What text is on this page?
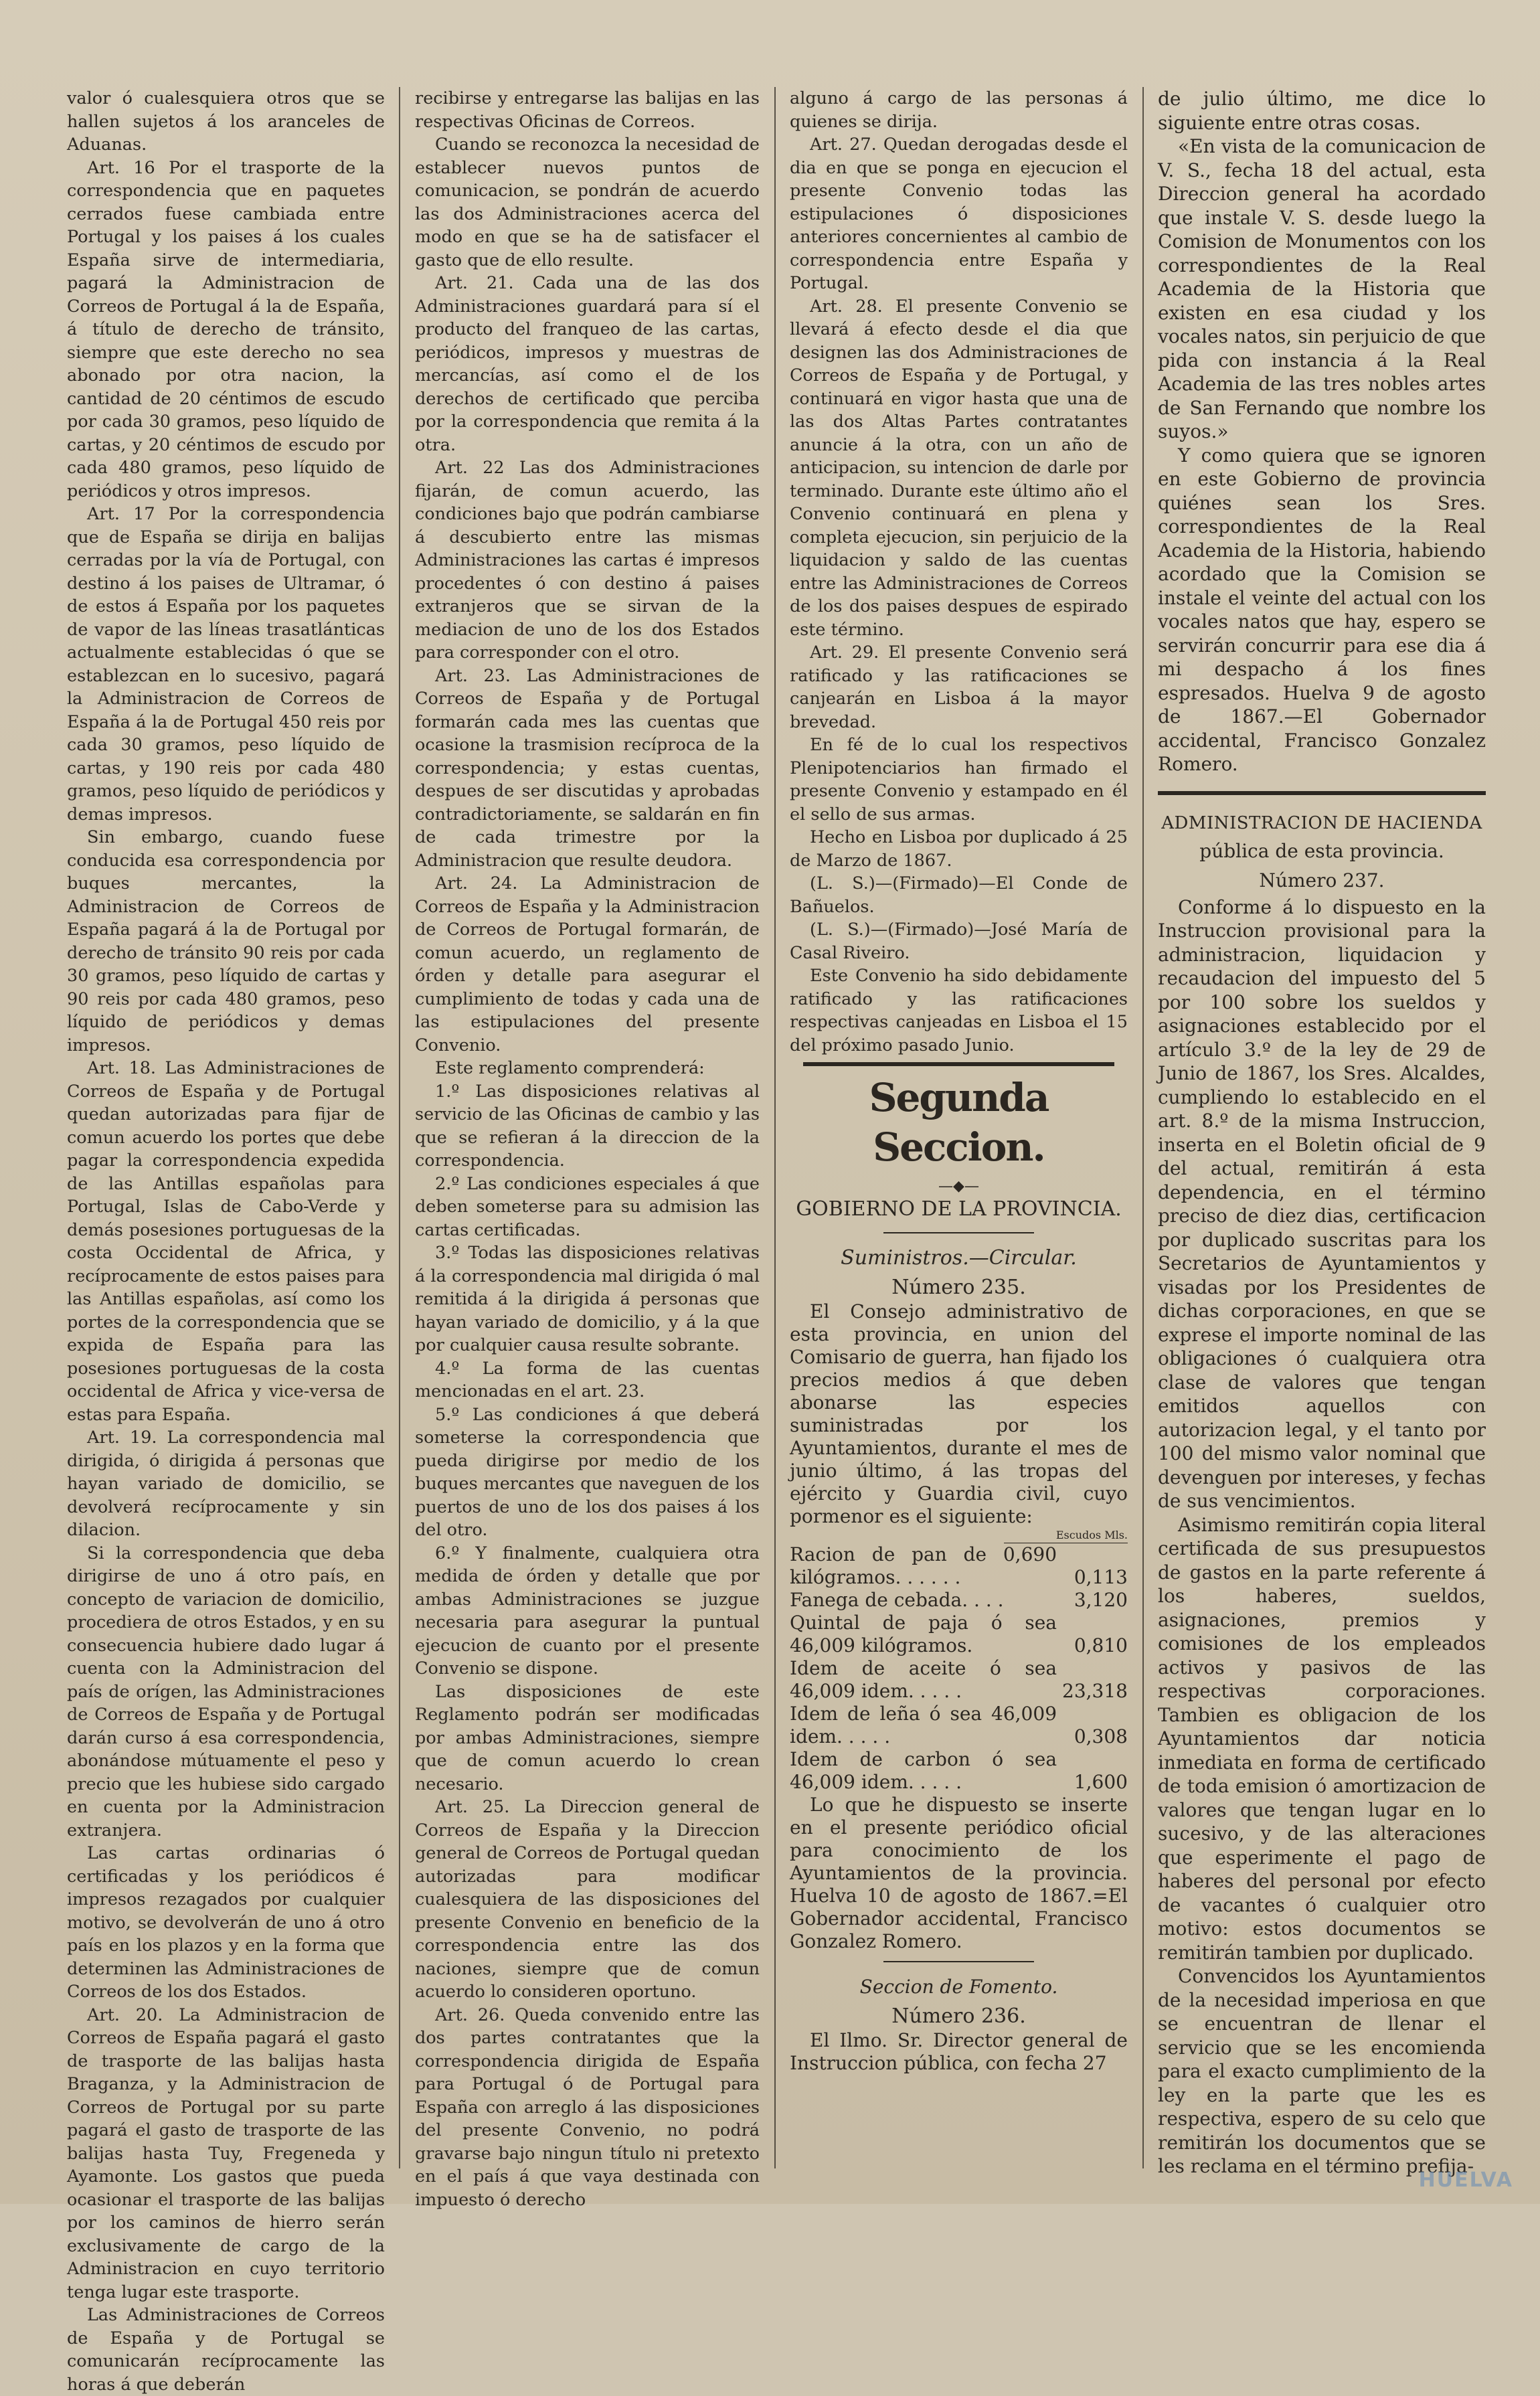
valor ó cualesquiera otros que se hallen sujetos á los aranceles de Aduanas.

Art. 16 Por el trasporte de la correspondencia que en paquetes cerrados fuese cambiada entre Portugal y los paises á los cuales España sirve de intermediaria, pagará la Administracion de Correos de Portugal á la de España, á título de derecho de tránsito, siempre que este derecho no sea abonado por otra nacion, la cantidad de 20 céntimos de escudo por cada 30 gramos, peso líquido de cartas, y 20 céntimos de escudo por cada 480 gramos, peso líquido de periódicos y otros impresos.

Art. 17 Por la correspondencia que de España se dirija en balijas cerradas por la vía de Portugal, con destino á los paises de Ultramar, ó de estos á España por los paquetes de vapor de las líneas trasatlánticas actualmente establecidas ó que se establezcan en lo sucesivo, pagará la Administracion de Correos de España á la de Portugal 450 reis por cada 30 gramos, peso líquido de cartas, y 190 reis por cada 480 gramos, peso líquido de periódicos y demas impresos.

Sin embargo, cuando fuese conducida esa correspondencia por buques mercantes, la Administracion de Correos de España pagará á la de Portugal por derecho de tránsito 90 reis por cada 30 gramos, peso líquido de cartas y 90 reis por cada 480 gramos, peso líquido de periódicos y demas impresos.

Art. 18. Las Administraciones de Correos de España y de Portugal quedan autorizadas para fijar de comun acuerdo los portes que debe pagar la correspondencia expedida de las Antillas españolas para Portugal, Islas de Cabo-Verde y demás posesiones portuguesas de la costa Occidental de Africa, y recíprocamente de estos paises para las Antillas españolas, así como los portes de la correspondencia que se expida de España para las posesiones portuguesas de la costa occidental de Africa y vice-versa de estas para España.

Art. 19. La correspondencia mal dirigida, ó dirigida á personas que hayan variado de domicilio, se devolverá recíprocamente y sin dilacion.

Si la correspondencia que deba dirigirse de uno á otro país, en concepto de variacion de domicilio, procediera de otros Estados, y en su consecuencia hubiere dado lugar á cuenta con la Administracion del país de orígen, las Administraciones de Correos de España y de Portugal darán curso á esa correspondencia, abonándose mútuamente el peso y precio que les hubiese sido cargado en cuenta por la Administracion extranjera.

Las cartas ordinarias ó certificadas y los periódicos é impresos rezagados por cualquier motivo, se devolverán de uno á otro país en los plazos y en la forma que determinen las Administraciones de Correos de los dos Estados.

Art. 20. La Administracion de Correos de España pagará el gasto de trasporte de las balijas hasta Braganza, y la Administracion de Correos de Portugal por su parte pagará el gasto de trasporte de las balijas hasta Tuy, Fregeneda y Ayamonte. Los gastos que pueda ocasionar el trasporte de las balijas por los caminos de hierro serán exclusivamente de cargo de la Administracion en cuyo territorio tenga lugar este trasporte.

Las Administraciones de Correos de España y de Portugal se comunicarán recíprocamente las horas á que deberán

recibirse y entregarse las balijas en las respectivas Oficinas de Correos.

Cuando se reconozca la necesidad de establecer nuevos puntos de comunicacion, se pondrán de acuerdo las dos Administraciones acerca del modo en que se ha de satisfacer el gasto que de ello resulte.

Art. 21. Cada una de las dos Administraciones guardará para sí el producto del franqueo de las cartas, periódicos, impresos y muestras de mercancías, así como el de los derechos de certificado que perciba por la correspondencia que remita á la otra.

Art. 22 Las dos Administraciones fijarán, de comun acuerdo, las condiciones bajo que podrán cambiarse á descubierto entre las mismas Administraciones las cartas é impresos procedentes ó con destino á paises extranjeros que se sirvan de la mediacion de uno de los dos Estados para corresponder con el otro.

Art. 23. Las Administraciones de Correos de España y de Portugal formarán cada mes las cuentas que ocasione la trasmision recíproca de la correspondencia; y estas cuentas, despues de ser discutidas y aprobadas contradictoriamente, se saldarán en fin de cada trimestre por la Administracion que resulte deudora.

Art. 24. La Administracion de Correos de España y la Administracion de Correos de Portugal formarán, de comun acuerdo, un reglamento de órden y detalle para asegurar el cumplimiento de todas y cada una de las estipulaciones del presente Convenio.

Este reglamento comprenderá:

1.º Las disposiciones relativas al servicio de las Oficinas de cambio y las que se refieran á la direccion de la correspondencia.

2.º Las condiciones especiales á que deben someterse para su admision las cartas certificadas.

3.º Todas las disposiciones relativas á la correspondencia mal dirigida ó mal remitida á la dirigida á personas que hayan variado de domicilio, y á la que por cualquier causa resulte sobrante.

4.º La forma de las cuentas mencionadas en el art. 23.

5.º Las condiciones á que deberá someterse la correspondencia que pueda dirigirse por medio de los buques mercantes que naveguen de los puertos de uno de los dos paises á los del otro.

6.º Y finalmente, cualquiera otra medida de órden y detalle que por ambas Administraciones se juzgue necesaria para asegurar la puntual ejecucion de cuanto por el presente Convenio se dispone.

Las disposiciones de este Reglamento podrán ser modificadas por ambas Administraciones, siempre que de comun acuerdo lo crean necesario.

Art. 25. La Direccion general de Correos de España y la Direccion general de Correos de Portugal quedan autorizadas para modificar cualesquiera de las disposiciones del presente Convenio en beneficio de la correspondencia entre las dos naciones, siempre que de comun acuerdo lo consideren oportuno.

Art. 26. Queda convenido entre las dos partes contratantes que la correspondencia dirigida de España para Portugal ó de Portugal para España con arreglo á las disposiciones del presente Convenio, no podrá gravarse bajo ningun título ni pretexto en el país á que vaya destinada con impuesto ó derecho

alguno á cargo de las personas á quienes se dirija.

Art. 27. Quedan derogadas desde el dia en que se ponga en ejecucion el presente Convenio todas las estipulaciones ó disposiciones anteriores concernientes al cambio de correspondencia entre España y Portugal.

Art. 28. El presente Convenio se llevará á efecto desde el dia que designen las dos Administraciones de Correos de España y de Portugal, y continuará en vigor hasta que una de las dos Altas Partes contratantes anuncie á la otra, con un año de anticipacion, su intencion de darle por terminado. Durante este último año el Convenio continuará en plena y completa ejecucion, sin perjuicio de la liquidacion y saldo de las cuentas entre las Administraciones de Correos de los dos paises despues de espirado este término.

Art. 29. El presente Convenio será ratificado y las ratificaciones se canjearán en Lisboa á la mayor brevedad.

En fé de lo cual los respectivos Plenipotenciarios han firmado el presente Convenio y estampado en él el sello de sus armas.

Hecho en Lisboa por duplicado á 25 de Marzo de 1867.

(L. S.)—(Firmado)—El Conde de Bañuelos.

(L. S.)—(Firmado)—José María de Casal Riveiro.

Este Convenio ha sido debidamente ratificado y las ratificaciones respectivas canjeadas en Lisboa el 15 del próximo pasado Junio.

Segunda Seccion.
—◆—

GOBIERNO DE LA PROVINCIA.

Suministros.—Circular.

Número 235.

El Consejo administrativo de esta provincia, en union del Comisario de guerra, han fijado los precios medios á que deben abonarse las especies suministradas por los Ayuntamientos, durante el mes de junio último, á las tropas del ejército y Guardia civil, cuyo pormenor es el siguiente:

Escudos Mls.
Racion de pan de 0,690 kilógramos. . . . . .	0,113
Fanega de cebada. . . .	3,120
Quintal de paja ó sea 46,009 kilógramos.	0,810
Idem de aceite ó sea 46,009 idem. . . . .	23,318
Idem de leña ó sea 46,009 idem. . . . .	0,308
Idem de carbon ó sea 46,009 idem. . . . .	1,600

Lo que he dispuesto se inserte en el presente periódico oficial para conocimiento de los Ayuntamientos de la provincia. Huelva 10 de agosto de 1867.=El Gobernador accidental, Francisco Gonzalez Romero.

Seccion de Fomento.

Número 236.

El Ilmo. Sr. Director general de Instruccion pública, con fecha 27

de julio último, me dice lo siguiente entre otras cosas.

«En vista de la comunicacion de V. S., fecha 18 del actual, esta Direccion general ha acordado que instale V. S. desde luego la Comision de Monumentos con los correspondientes de la Real Academia de la Historia que existen en esa ciudad y los vocales natos, sin perjuicio de que pida con instancia á la Real Academia de las tres nobles artes de San Fernando que nombre los suyos.»

Y como quiera que se ignoren en este Gobierno de provincia quiénes sean los Sres. correspondientes de la Real Academia de la Historia, habiendo acordado que la Comision se instale el veinte del actual con los vocales natos que hay, espero se servirán concurrir para ese dia á mi despacho á los fines espresados. Huelva 9 de agosto de 1867.—El Gobernador accidental, Francisco Gonzalez Romero.

ADMINISTRACION DE HACIENDA

pública de esta provincia.

Número 237.

Conforme á lo dispuesto en la Instruccion provisional para la administracion, liquidacion y recaudacion del impuesto del 5 por 100 sobre los sueldos y asignaciones establecido por el artículo 3.º de la ley de 29 de Junio de 1867, los Sres. Alcaldes, cumpliendo lo establecido en el art. 8.º de la misma Instruccion, inserta en el Boletin oficial de 9 del actual, remitirán á esta dependencia, en el término preciso de diez dias, certificacion por duplicado suscritas para los Secretarios de Ayuntamientos y visadas por los Presidentes de dichas corporaciones, en que se exprese el importe nominal de las obligaciones ó cualquiera otra clase de valores que tengan emitidos aquellos con autorizacion legal, y el tanto por 100 del mismo valor nominal que devenguen por intereses, y fechas de sus vencimientos.

Asimismo remitirán copia literal certificada de sus presupuestos de gastos en la parte referente á los haberes, sueldos, asignaciones, premios y comisiones de los empleados activos y pasivos de las respectivas corporaciones. Tambien es obligacion de los Ayuntamientos dar noticia inmediata en forma de certificado de toda emision ó amortizacion de valores que tengan lugar en lo sucesivo, y de las alteraciones que esperimente el pago de haberes del personal por efecto de vacantes ó cualquier otro motivo: estos documentos se remitirán tambien por duplicado.

Convencidos los Ayuntamientos de la necesidad imperiosa en que se encuentran de llenar el servicio que se les encomienda para el exacto cumplimiento de la ley en la parte que les es respectiva, espero de su celo que remitirán los documentos que se les reclama en el término prefija-

HUELVA
